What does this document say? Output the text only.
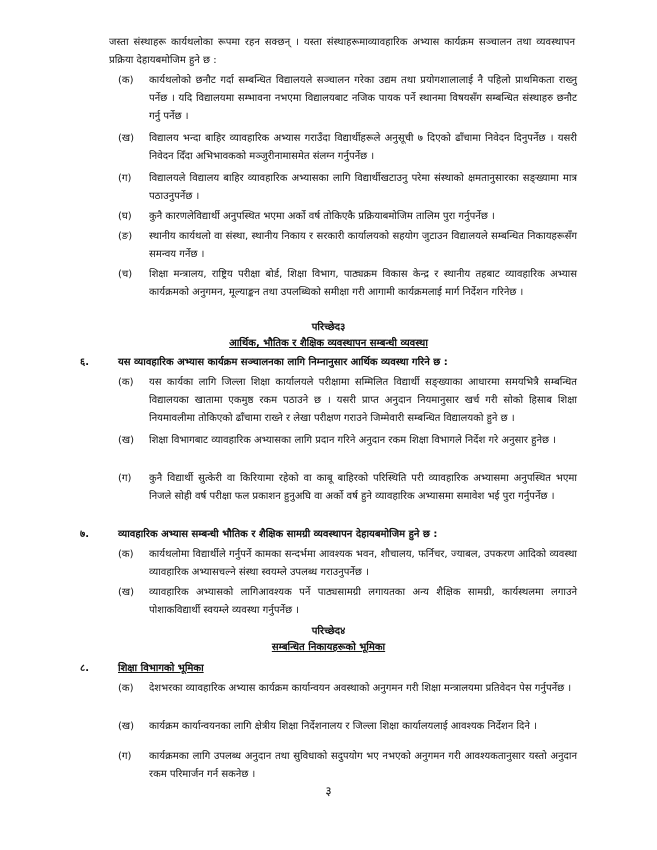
जस्ता संस्थाहरू कार्यथलोका रूपमा रहन सक्छन् । यस्ता संस्थाहरूमाव्यावहारिक अभ्यास कार्यक्रम सञ्चालन तथा व्यवस्थापन प्रक्रिया देहायबमोजिम हुने छ :
(क) कार्यथलोको छनौट गर्दा सम्बन्धित विद्यालयले सञ्चालन गरेका उद्यम तथा प्रयोगशालालाई नै पहिलो प्राथमिकता राख्नु पर्नेछ । यदि विद्यालयमा सम्भावना नभएमा विद्यालयबाट नजिक पायक पर्ने स्थानमा विषयसँग सम्बन्धित संस्थाहरु छनौट गर्नु पर्नेछ ।
(ख) विद्यालय भन्दा बाहिर व्यावहारिक अभ्यास गराउँदा विद्यार्थीहरूले अनुसूची ७ दिएको ढाँचामा निवेदन दिनुपर्नेछ । यसरी निवेदन दिँदा अभिभावकको मञ्जुरीनामासमेत संलग्न गर्नुपर्नेछ ।
(ग) विद्यालयले विद्यालय बाहिर व्यावहारिक अभ्यासका लागि विद्यार्थीखटाउनु परेमा संस्थाको क्षमतानुसारका सङ्ख्यामा मात्र पठाउनुपर्नेछ ।
(घ) कुनै कारणलेविद्यार्थी अनुपस्थित भएमा अर्को वर्ष तोकिएकै प्रक्रियाबमोजिम तालिम पुरा गर्नुपर्नेछ ।
(ङ) स्थानीय कार्यथलो वा संस्था, स्थानीय निकाय र सरकारी कार्यालयको सहयोग जुटाउन विद्यालयले सम्बन्धित निकायहरूसँग समन्वय गर्नेछ ।
(च) शिक्षा मन्त्रालय, राष्ट्रिय परीक्षा बोर्ड, शिक्षा विभाग, पाठ्यक्रम विकास केन्द्र र स्थानीय तहबाट व्यावहारिक अभ्यास कार्यक्रमको अनुगमन, मूल्याङ्कन तथा उपलब्धिको समीक्षा गरी आगामी कार्यक्रमलाई मार्ग निर्देशन गरिनेछ ।
परिच्छेद३
आर्थिक, भौतिक र शैक्षिक व्यवस्थापन सम्बन्धी व्यवस्था
६.	यस व्यावहारिक अभ्यास कार्यक्रम सञ्चालनका लागि निम्नानुसार आर्थिक व्यवस्था गरिने छ :
(क) यस कार्यका लागि जिल्ला शिक्षा कार्यालयले परीक्षामा सम्मिलित विद्यार्थी सङ्ख्याका आधारमा समयभित्रै सम्बन्धित विद्यालयका खातामा एकमुष्ठ रकम पठाउने छ । यसरी प्राप्त अनुदान नियमानुसार खर्च गरी सोको हिसाब शिक्षा नियमावलीमा तोकिएको ढाँचामा राख्ने र लेखा परीक्षण गराउने जिम्मेवारी सम्बन्धित विद्यालयको हुने छ ।
(ख) शिक्षा विभागबाट व्यावहारिक अभ्यासका लागि प्रदान गरिने अनुदान रकम शिक्षा विभागले निर्देश गरे अनुसार हुनेछ ।
(ग) कुनै विद्यार्थी सुत्केरी वा किरियामा रहेको वा काबू बाहिरको परिस्थिति परी व्यावहारिक अभ्यासमा अनुपस्थित भएमा निजले सोही वर्ष परीक्षा फल प्रकाशन हुनुअघि वा अर्को वर्ष हुने व्यावहारिक अभ्यासमा समावेश भई पुरा गर्नुपर्नेछ ।
७.	व्यावहारिक अभ्यास सम्बन्धी भौतिक र शैक्षिक सामग्री व्यवस्थापन देहायबमोजिम हुने छ :
(क) कार्यथलोमा विद्यार्थीले गर्नुपर्ने कामका सन्दर्भमा आवश्यक भवन, शौचालय, फर्निचर, ज्याबल, उपकरण आदिको व्यवस्था व्यावहारिक अभ्यासचल्ने संस्था स्वयम्ले उपलब्ध गराउनुपर्नेछ ।
(ख) व्यावहारिक अभ्यासको लागिआवश्यक पर्ने पाठ्यसामग्री लगायतका अन्य शैक्षिक सामग्री, कार्यस्थलमा लगाउने पोशाकविद्यार्थी स्वयम्ले व्यवस्था गर्नुपर्नेछ ।
परिच्छेद४
सम्बन्धित निकायहरूको भूमिका
८.	शिक्षा विभागको भूमिका
(क) देशभरका व्यावहारिक अभ्यास कार्यक्रम कार्यान्वयन अवस्थाको अनुगमन गरी शिक्षा मन्त्रालयमा प्रतिवेदन पेस गर्नुपर्नेछ ।
(ख) कार्यक्रम कार्यान्वयनका लागि क्षेत्रीय शिक्षा निर्देशनालय र जिल्ला शिक्षा कार्यालयलाई आवश्यक निर्देशन दिने ।
(ग) कार्यक्रमका लागि उपलब्ध अनुदान तथा सुविधाको सदुपयोग भए नभएको अनुगमन गरी आवश्यकतानुसार यस्तो अनुदान रकम परिमार्जन गर्न सकनेछ ।
३
